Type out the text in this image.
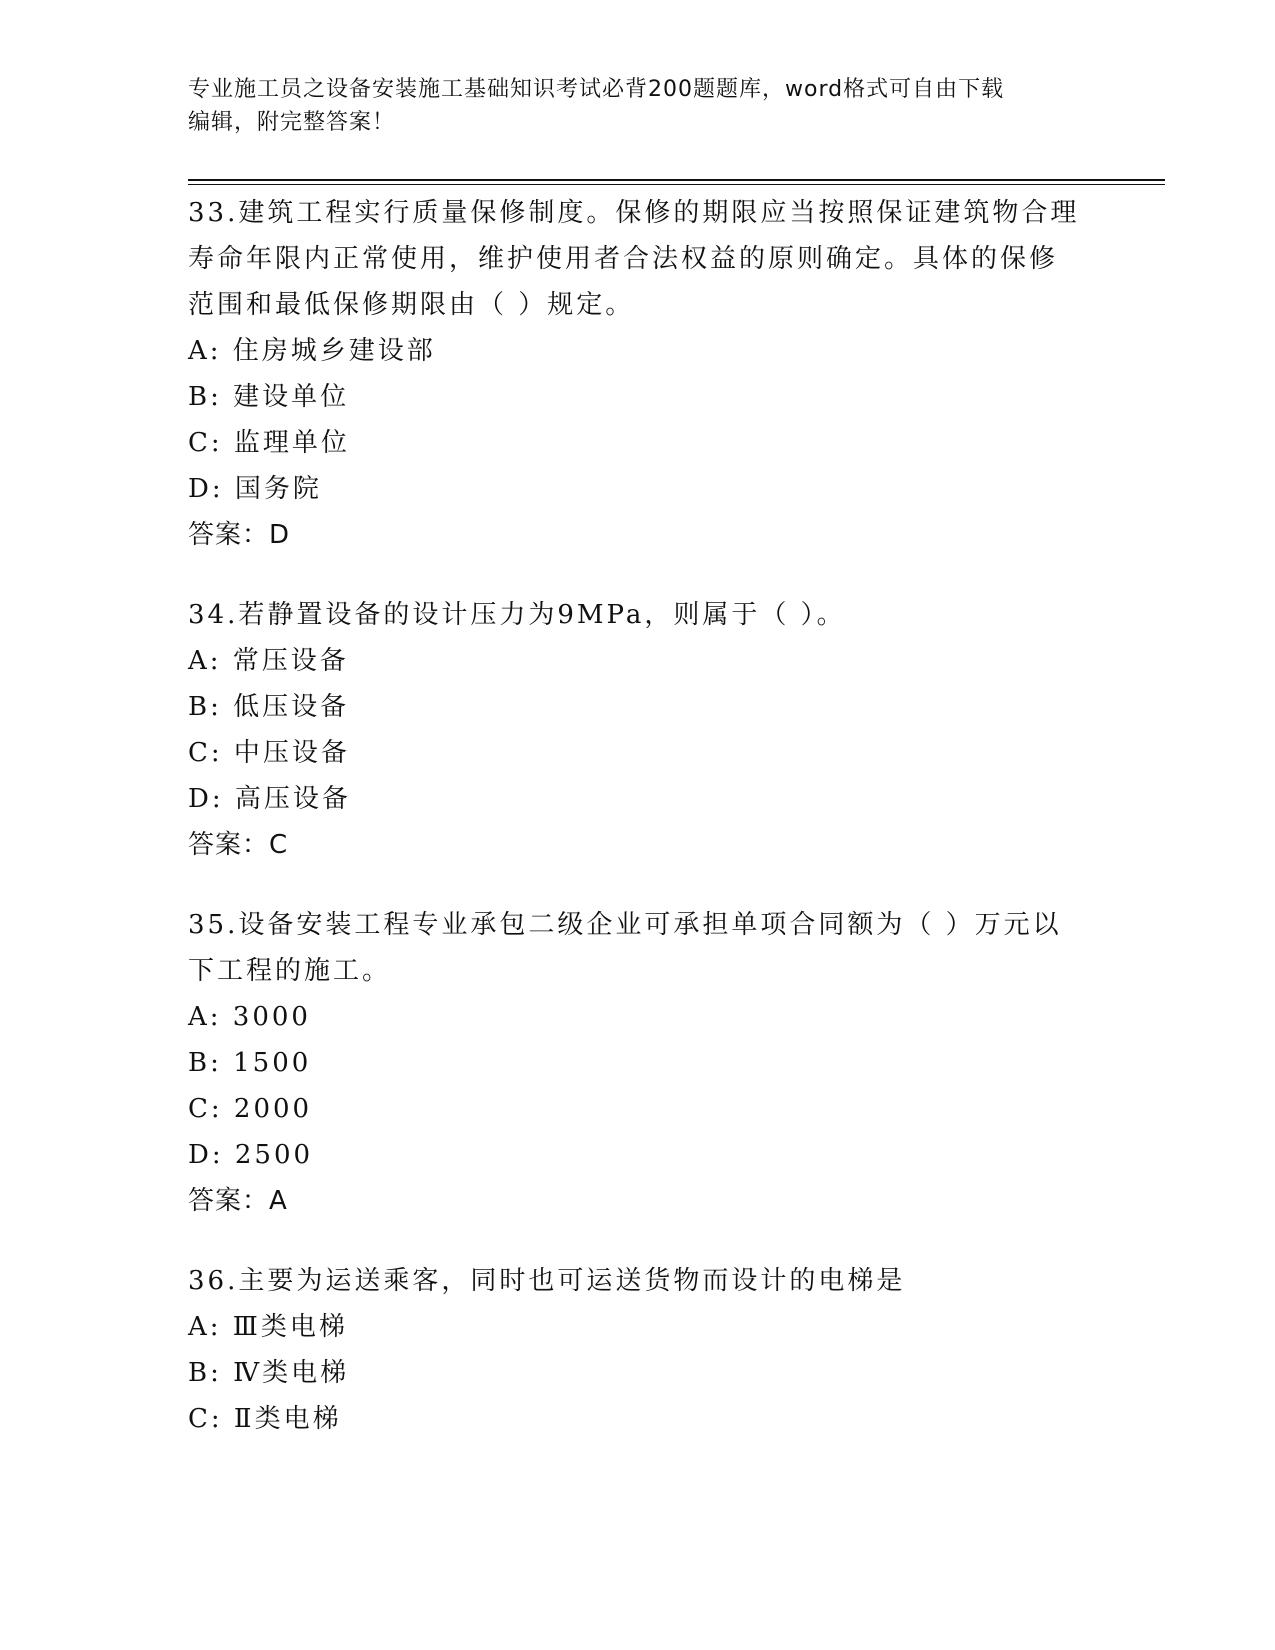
专业施工员之设备安装施工基础知识考试必背200题题库，word格式可自由下载
编辑，附完整答案！
33.建筑工程实行质量保修制度。保修的期限应当按照保证建筑物合理
寿命年限内正常使用，维护使用者合法权益的原则确定。具体的保修
范围和最低保修期限由（ ）规定。
A: 住房城乡建设部
B: 建设单位
C: 监理单位
D: 国务院
答案：D
34.若静置设备的设计压力为9MPa，则属于（ ）。
A: 常压设备
B: 低压设备
C: 中压设备
D: 高压设备
答案：C
35.设备安装工程专业承包二级企业可承担单项合同额为（ ）万元以
下工程的施工。
A: 3000
B: 1500
C: 2000
D: 2500
答案：A
36.主要为运送乘客，同时也可运送货物而设计的电梯是
A: Ⅲ类电梯
B: Ⅳ类电梯
C: Ⅱ类电梯
